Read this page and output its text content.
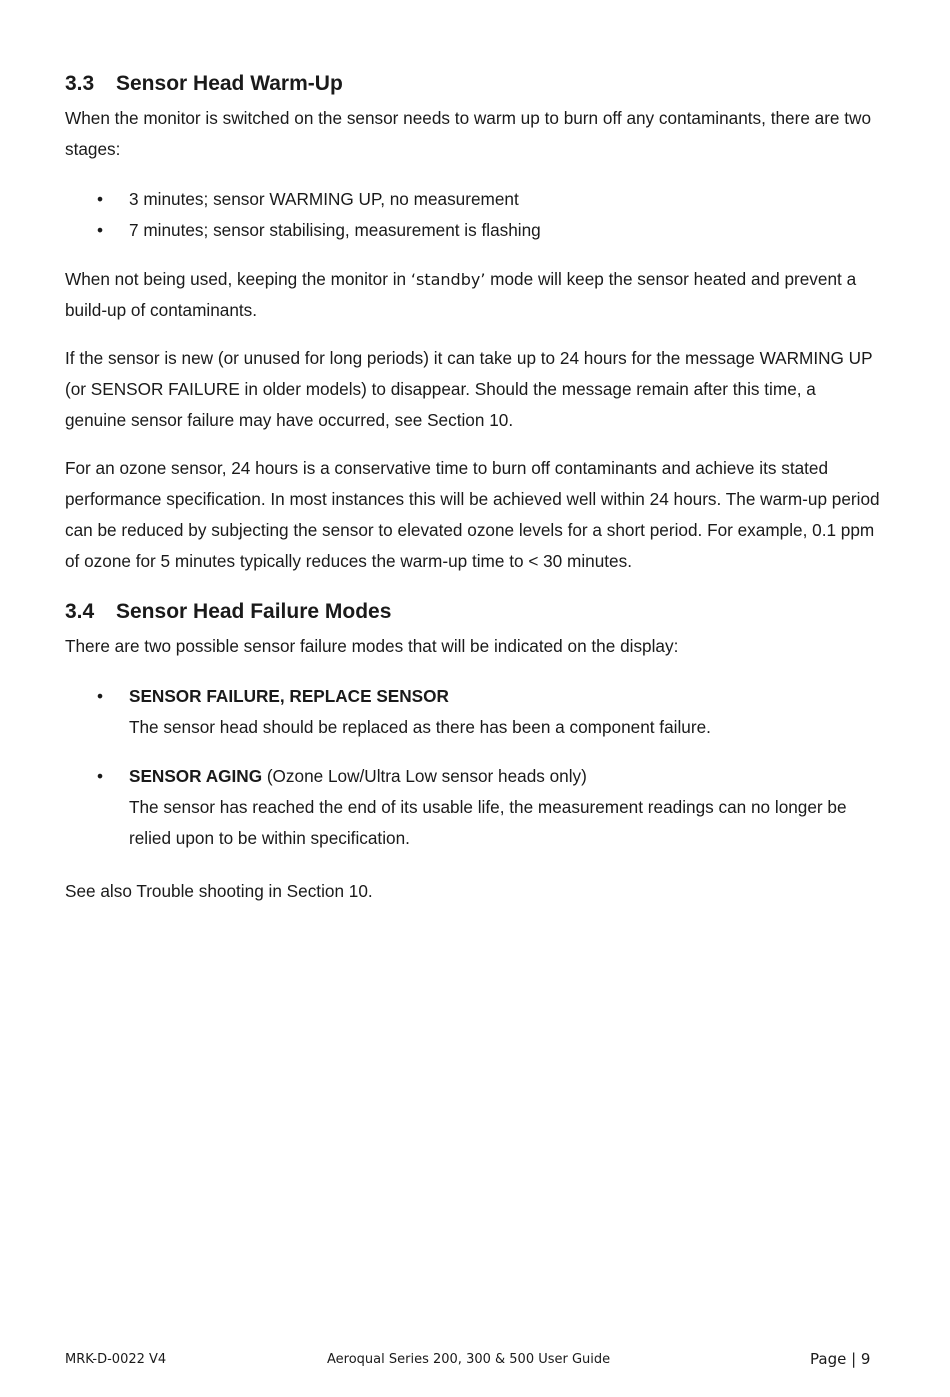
3.3 Sensor Head Warm-Up

When the monitor is switched on the sensor needs to warm up to burn off any contaminants, there are two stages:

• 3 minutes; sensor WARMING UP, no measurement
• 7 minutes; sensor stabilising, measurement is flashing

When not being used, keeping the monitor in ‘standby’ mode will keep the sensor heated and prevent a build-up of contaminants.

If the sensor is new (or unused for long periods) it can take up to 24 hours for the message WARMING UP (or SENSOR FAILURE in older models) to disappear. Should the message remain after this time, a genuine sensor failure may have occurred, see Section 10.

For an ozone sensor, 24 hours is a conservative time to burn off contaminants and achieve its stated performance specification. In most instances this will be achieved well within 24 hours. The warm-up period can be reduced by subjecting the sensor to elevated ozone levels for a short period. For example, 0.1 ppm of ozone for 5 minutes typically reduces the warm-up time to < 30 minutes.

3.4 Sensor Head Failure Modes

There are two possible sensor failure modes that will be indicated on the display:

• SENSOR FAILURE, REPLACE SENSOR
The sensor head should be replaced as there has been a component failure.
• SENSOR AGING (Ozone Low/Ultra Low sensor heads only)
The sensor has reached the end of its usable life, the measurement readings can no longer be relied upon to be within specification.

See also Trouble shooting in Section 10.

MRK-D-0022 V4	Aeroqual Series 200, 300 & 500 User Guide	Page | 9
